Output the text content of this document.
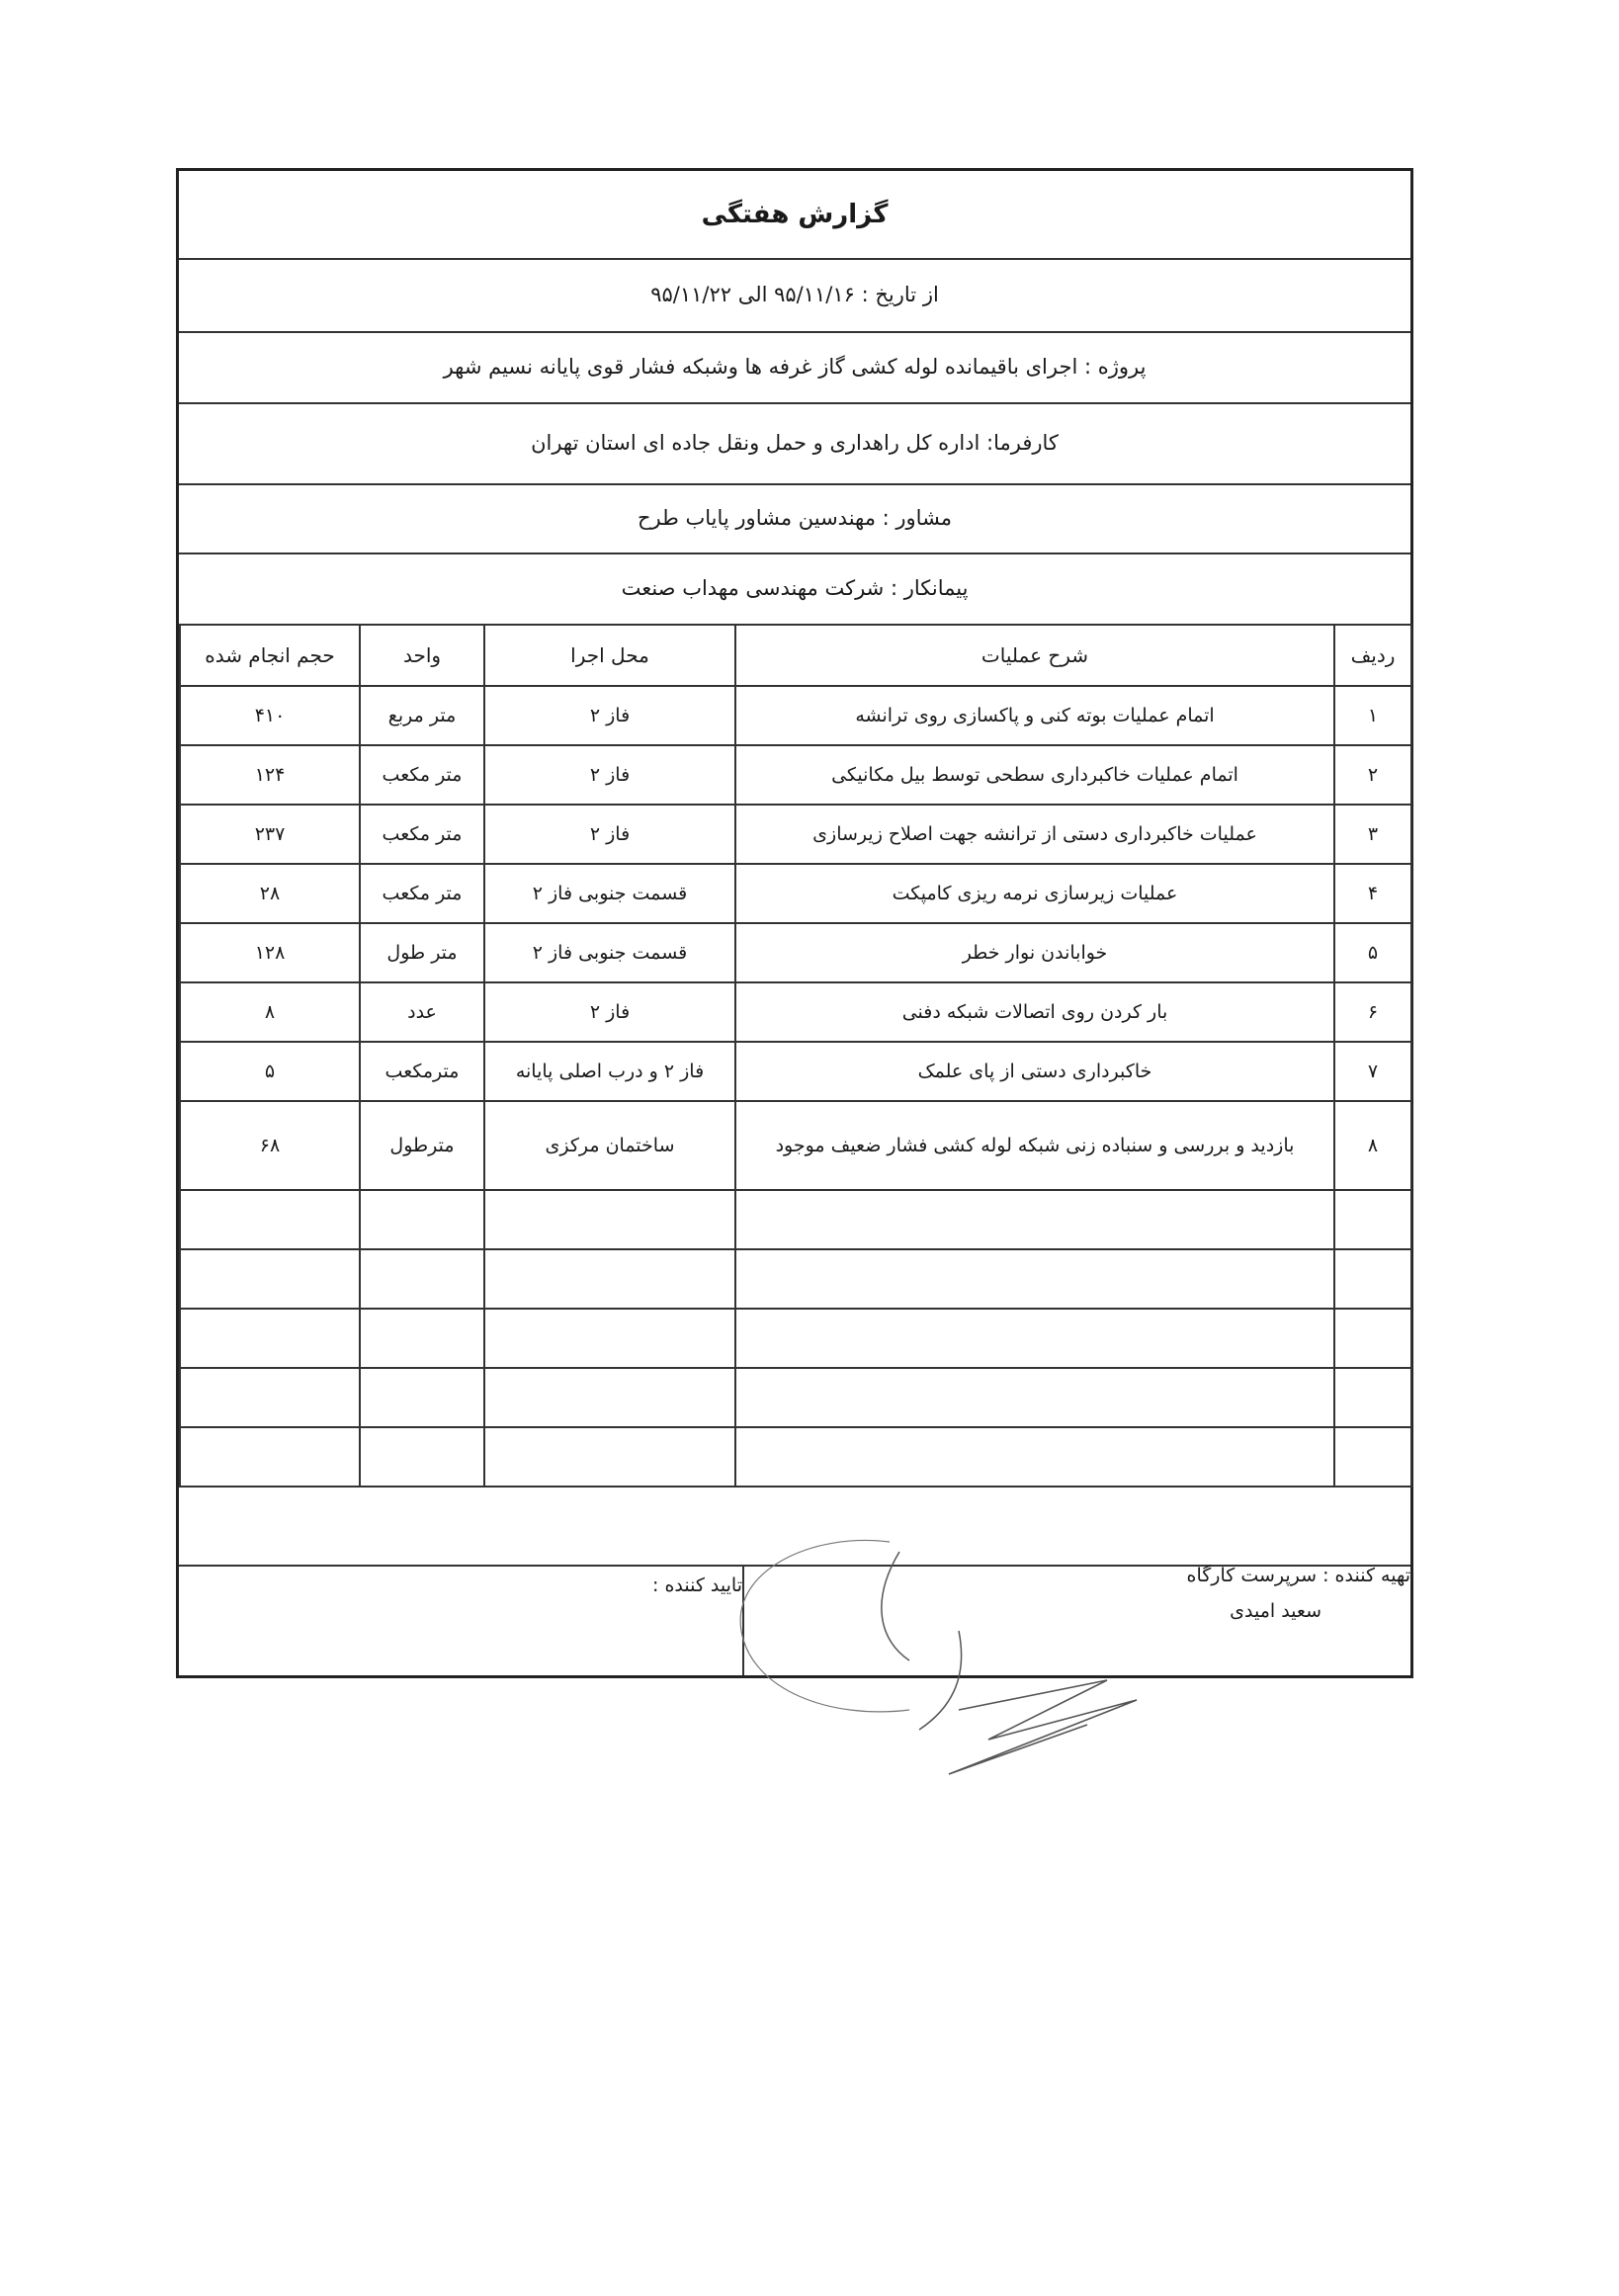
گزارش هفتگی
از تاریخ : ۹۵/۱۱/۱۶ الی ۹۵/۱۱/۲۲
پروژه : اجرای باقیمانده لوله کشی گاز غرفه ها وشبکه فشار قوی پایانه نسیم شهر
کارفرما: اداره کل راهداری و حمل ونقل جاده ای استان تهران
مشاور : مهندسین مشاور پایاب طرح
پیمانکار : شرکت مهندسی مهداب صنعت
ردیف	شرح عملیات	محل اجرا	واحد	حجم انجام شده
۱	اتمام عملیات بوته کنی و پاکسازی روی ترانشه	فاز ۲	متر مربع	۴۱۰
۲	اتمام عملیات خاکبرداری سطحی توسط بیل مکانیکی	فاز ۲	متر مکعب	۱۲۴
۳	عملیات خاکبرداری دستی از ترانشه جهت اصلاح زیرسازی	فاز ۲	متر مکعب	۲۳۷
۴	عملیات زیرسازی نرمه ریزی کامپکت	قسمت جنوبی فاز ۲	متر مکعب	۲۸
۵	خواباندن نوار خطر	قسمت جنوبی فاز ۲	متر طول	۱۲۸
۶	بار کردن روی اتصالات شبکه دفنی	فاز ۲	عدد	۸
۷	خاکبرداری دستی از پای علمک	فاز ۲ و درب اصلی پایانه	مترمکعب	۵
۸	بازدید و بررسی و سنباده زنی شبکه لوله کشی فشار ضعیف موجود	ساختمان مرکزی	مترطول	۶۸

تایید کننده :	تهیه کننده : سرپرست کارگاه
سعید امیدی
